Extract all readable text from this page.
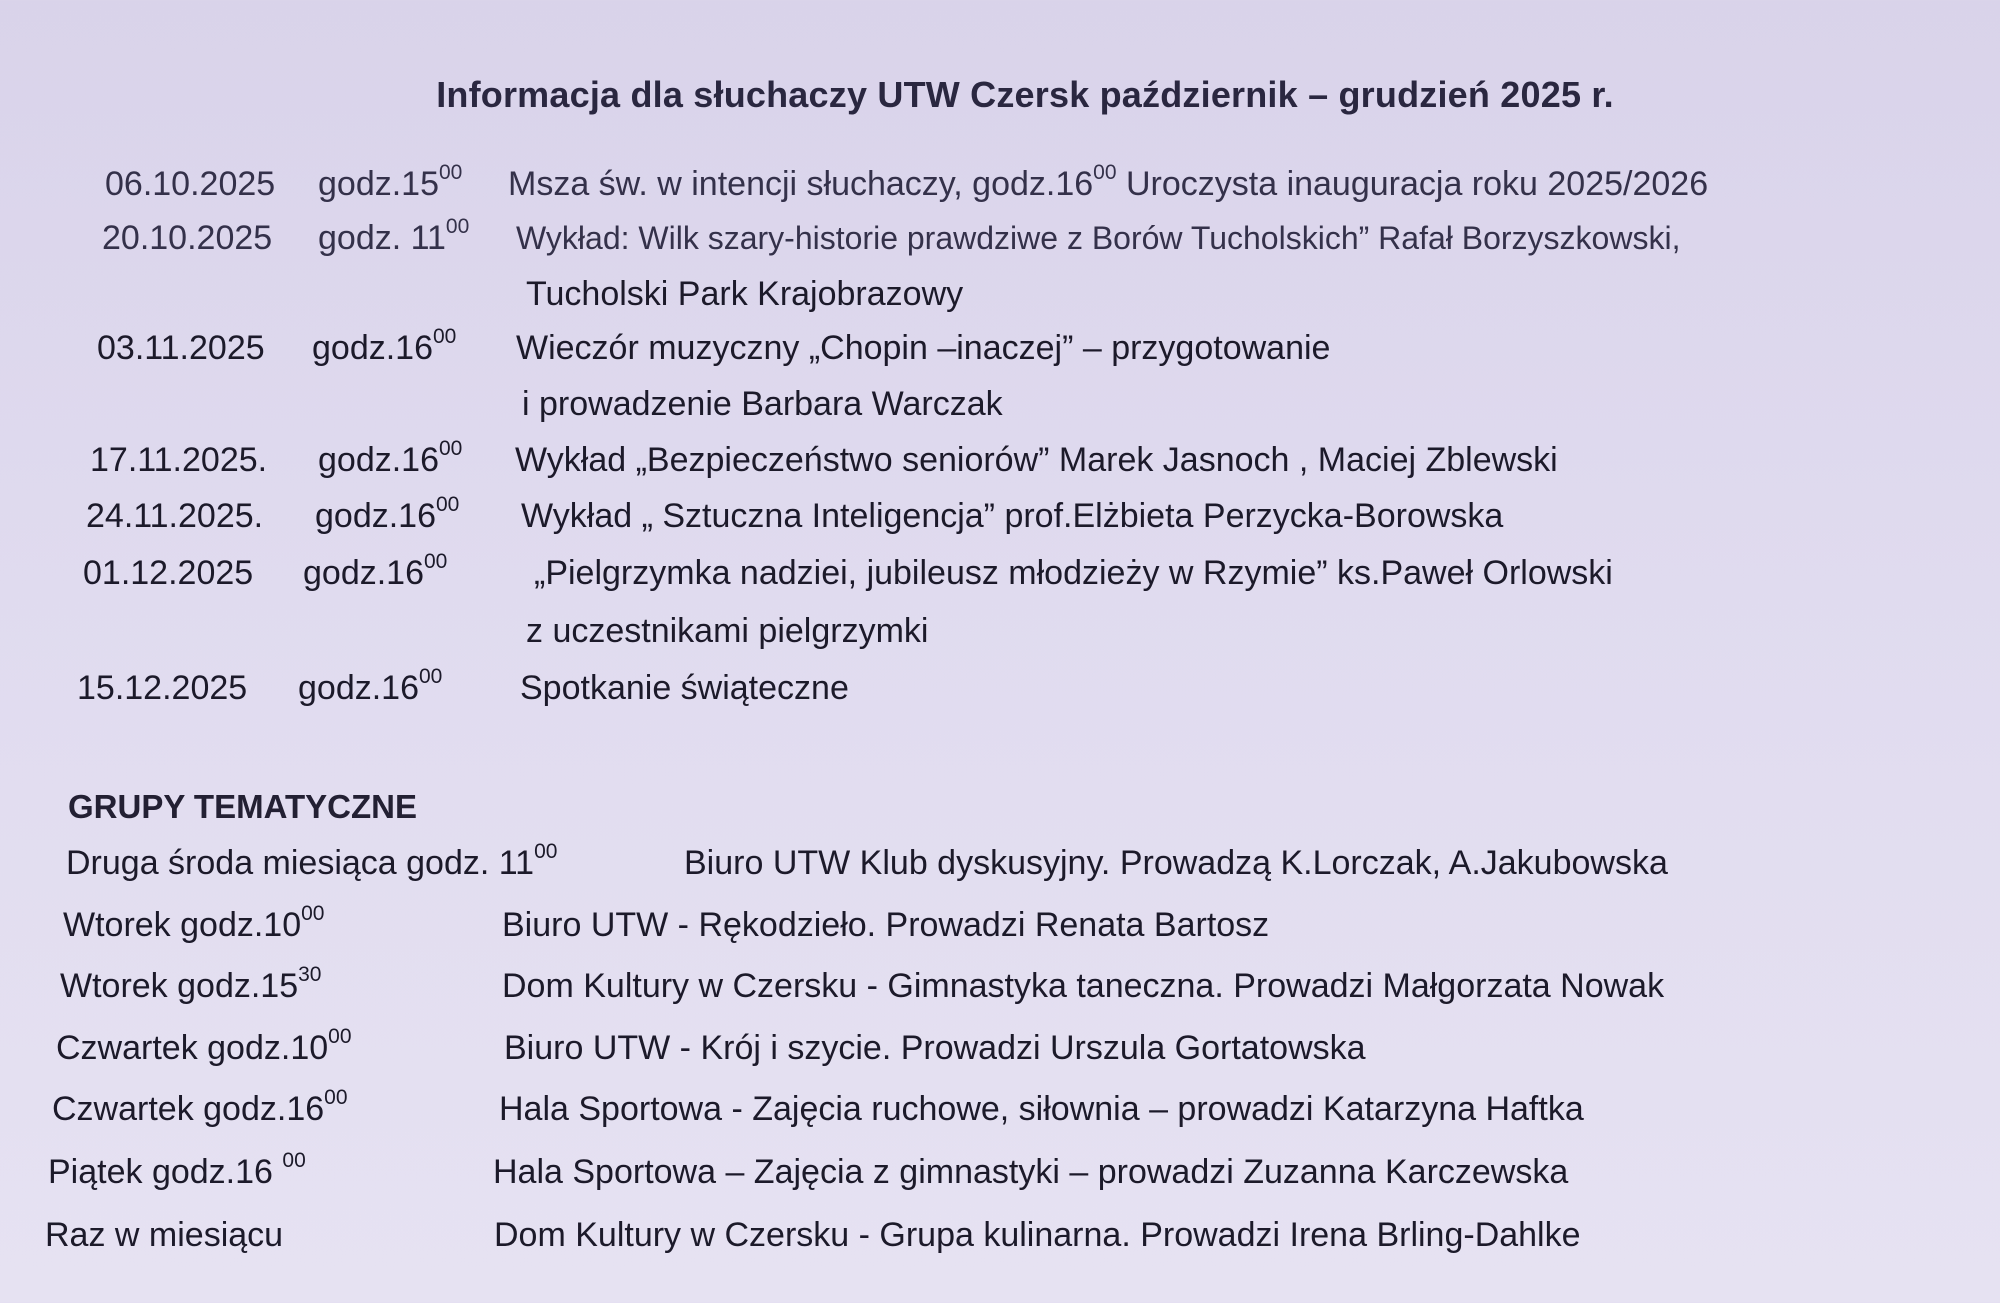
Informacja dla słuchaczy UTW Czersk październik – grudzień 2025 r.
06.10.2025 $godz.15^{00}$ Msza św. w intencji słuchaczy, $godz.16^{00}$ Uroczysta inauguracja roku 2025/2026
20.10.2025 godz. $11^{00}$ Wykład: Wilk szary-historie prawdziwe z Borów Tucholskich” Rafał Borzyszkowski,
Tucholski Park Krajobrazowy
03.11.2025 $godz.16^{00}$ Wieczór muzyczny „Chopin –inaczej” – przygotowanie
i prowadzenie Barbara Warczak
17.11.2025. $godz.16^{00}$ Wykład „Bezpieczeństwo seniorów” Marek Jasnoch , Maciej Zblewski
24.11.2025. $godz.16^{00}$ Wykład „ Sztuczna Inteligencja” prof.Elżbieta Perzycka-Borowska
01.12.2025 $godz.16^{00}$	„Pielgrzymka nadziei, jubileusz młodzieży w Rzymie” ks.Paweł Orlowski
z uczestnikami pielgrzymki
15.12.2025 $godz.16^{00}$ Spotkanie świąteczne
GRUPY TEMATYCZNE
Druga środa miesiąca godz. $11^{00}$	Biuro UTW Klub dyskusyjny. Prowadzą K.Lorczak, A.Jakubowska
Wtorek $godz.10^{00}$	Biuro UTW - Rękodzieło. Prowadzi Renata Bartosz
Wtorek $godz.15^{30}$	Dom Kultury w Czersku - Gimnastyka taneczna. Prowadzi Małgorzata Nowak
Czwartek $godz.10^{00}$	Biuro UTW - Krój i szycie. Prowadzi Urszula Gortatowska
Czwartek $godz.16^{00}$	Hala Sportowa - Zajęcia ruchowe, siłownia – prowadzi Katarzyna Haftka
Piątek godz.16 $^{00}$	Hala Sportowa – Zajęcia z gimnastyki – prowadzi Zuzanna Karczewska
Raz w miesiącu	Dom Kultury w Czersku - Grupa kulinarna. Prowadzi Irena Brling-Dahlke
